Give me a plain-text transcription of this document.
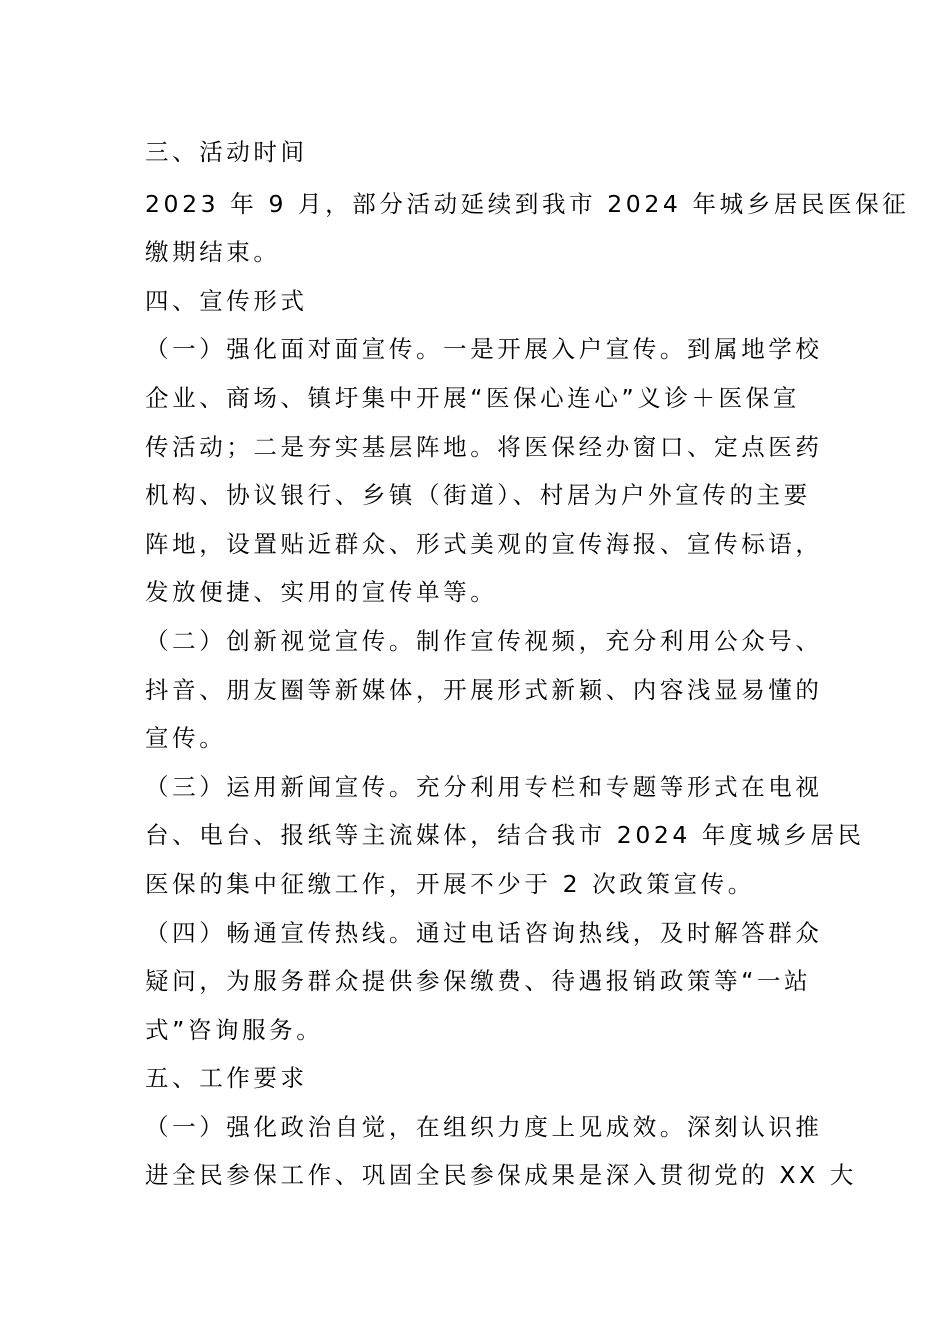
三、活动时间
2023 年 9 月，部分活动延续到我市 2024 年城乡居民医保征
缴期结束。
四、宣传形式
（一）强化面对面宣传。一是开展入户宣传。到属地学校
企业、商场、镇圩集中开展“医保心连心”义诊＋医保宣
传活动；二是夯实基层阵地。将医保经办窗口、定点医药
机构、协议银行、乡镇（街道）、村居为户外宣传的主要
阵地，设置贴近群众、形式美观的宣传海报、宣传标语，
发放便捷、实用的宣传单等。
（二）创新视觉宣传。制作宣传视频，充分利用公众号、
抖音、朋友圈等新媒体，开展形式新颖、内容浅显易懂的
宣传。
（三）运用新闻宣传。充分利用专栏和专题等形式在电视
台、电台、报纸等主流媒体，结合我市 2024 年度城乡居民
医保的集中征缴工作，开展不少于 2 次政策宣传。
（四）畅通宣传热线。通过电话咨询热线，及时解答群众
疑问，为服务群众提供参保缴费、待遇报销政策等“一站
式”咨询服务。
五、工作要求
（一）强化政治自觉，在组织力度上见成效。深刻认识推
进全民参保工作、巩固全民参保成果是深入贯彻党的 XX 大
